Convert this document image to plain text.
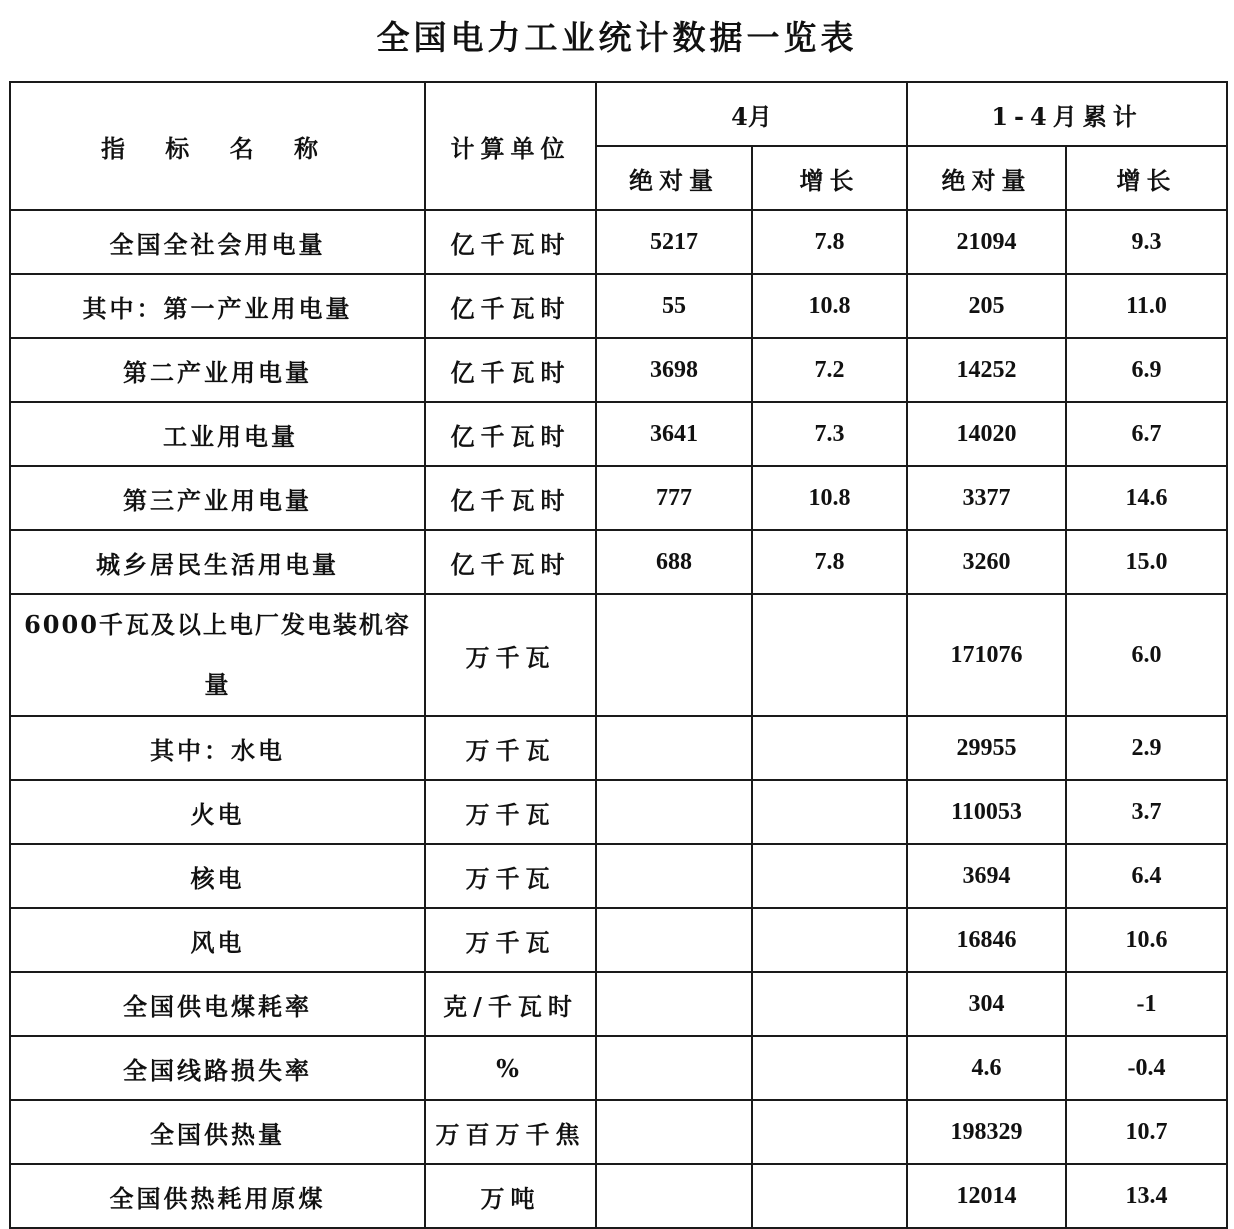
全国电力工业统计数据一览表
指 标 名 称	计算单位	4月		1-4月累计	
		绝对量	增长	绝对量	增长
全国全社会用电量	亿千瓦时	5217	7.8	21094	9.3
其中：第一产业用电量	亿千瓦时	55	10.8	205	11.0
第二产业用电量	亿千瓦时	3698	7.2	14252	6.9
工业用电量	亿千瓦时	3641	7.3	14020	6.7
第三产业用电量	亿千瓦时	777	10.8	3377	14.6
城乡居民生活用电量	亿千瓦时	688	7.8	3260	15.0
6000千瓦及以上电厂发电装机容量	万千瓦			171076	6.0
其中：水电	万千瓦			29955	2.9
火电	万千瓦			110053	3.7
核电	万千瓦			3694	6.4
风电	万千瓦			16846	10.6
全国供电煤耗率	克/千瓦时			304	-1
全国线路损失率	%			4.6	-0.4
全国供热量	万百万千焦			198329	10.7
全国供热耗用原煤	万吨			12014	13.4
